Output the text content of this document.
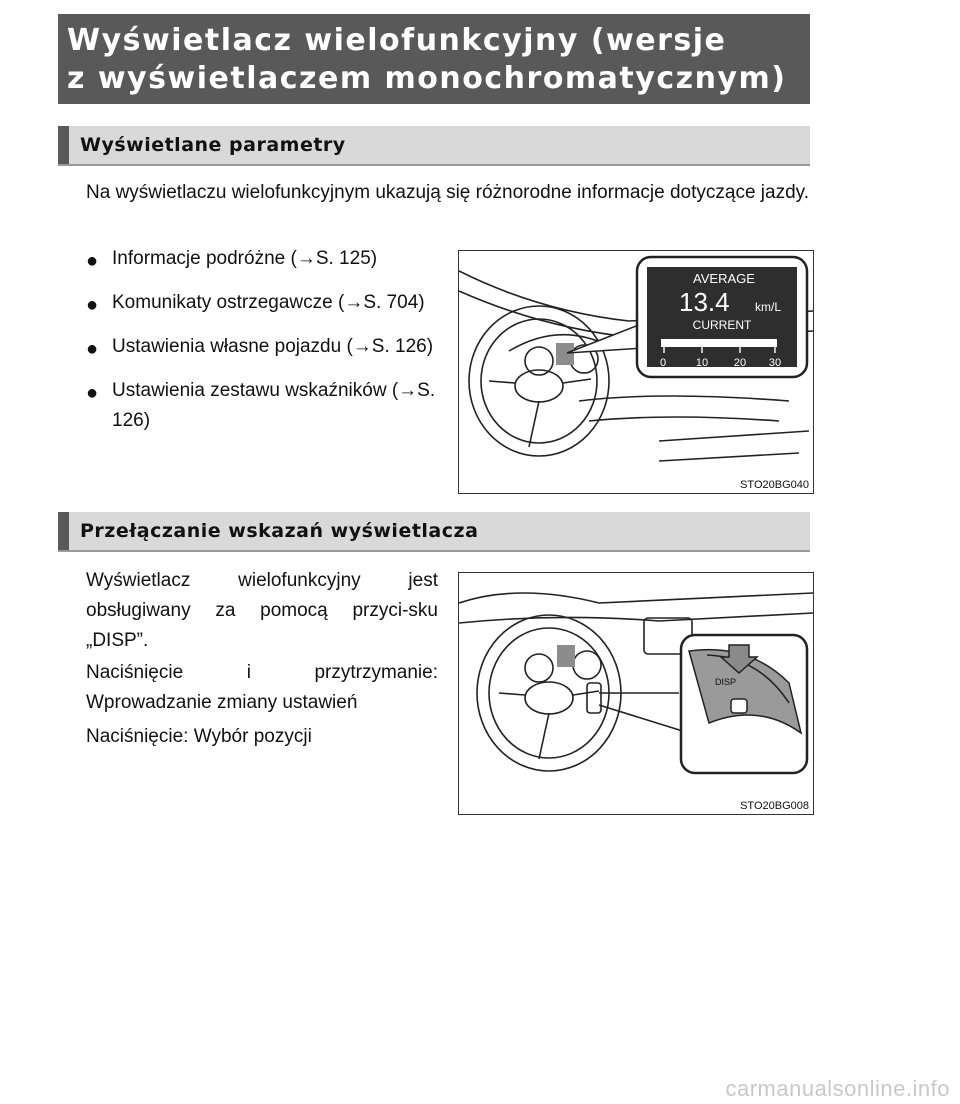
Wyświetlacz wielofunkcyjny (wersje
z wyświetlaczem monochromatycznym)
Wyświetlane parametry

Na wyświetlaczu wielofunkcyjnym ukazują się różnorodne informacje dotyczące jazdy.

● Informacje podróżne (→S. 125)
● Komunikaty ostrzegawcze (→S. 704)
● Ustawienia własne pojazdu (→S. 126)
● Ustawienia zestawu wskaźników (→S. 126)
AVERAGE
13.4 km/L
CURRENT
0	10 20 30
STO20BG040
Przełączanie wskazań wyświetlacza

Wyświetlacz wielofunkcyjny jest obsługiwany za pomocą przyci-sku „DISP”.

Naciśnięcie i przytrzymanie: Wprowadzanie zmiany ustawień

Naciśnięcie: Wybór pozycji

DISP
STO20BG008
carmanualsonline.info
